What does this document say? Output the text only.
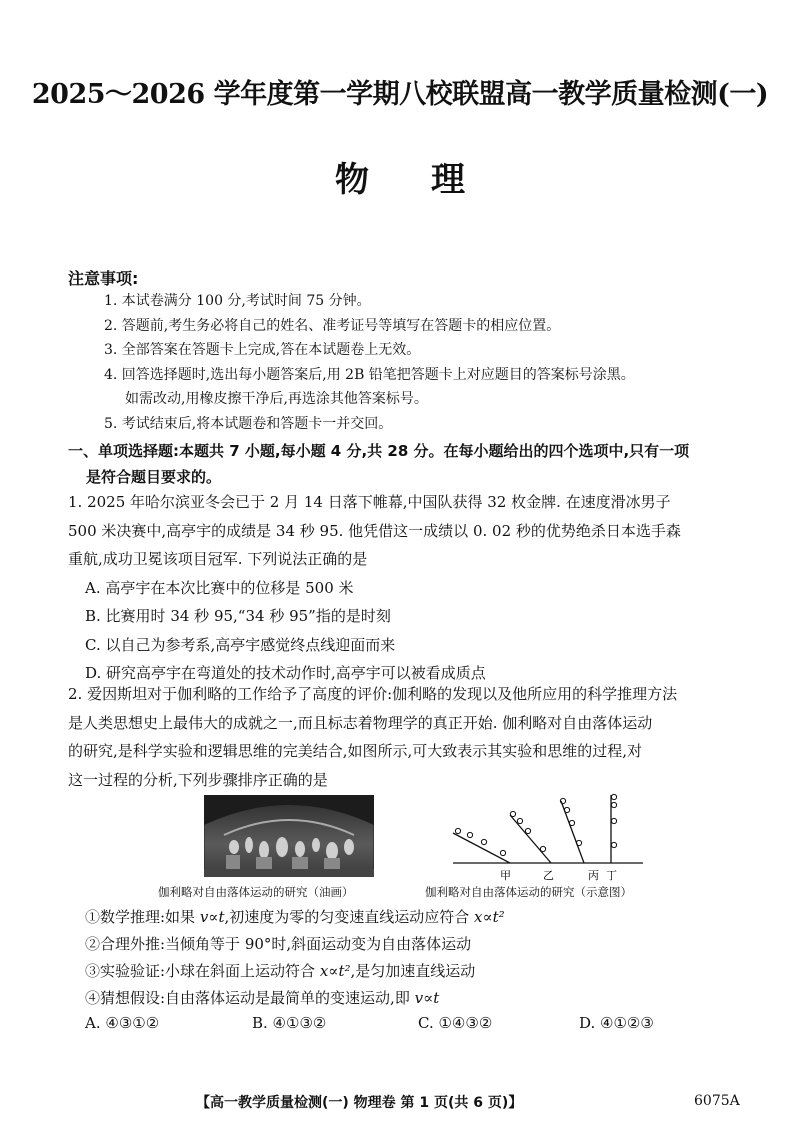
2025～2026 学年度第一学期八校联盟高一教学质量检测(一)
物理
注意事项:
1. 本试卷满分 100 分,考试时间 75 分钟。
2. 答题前,考生务必将自己的姓名、准考证号等填写在答题卡的相应位置。
3. 全部答案在答题卡上完成,答在本试题卷上无效。
4. 回答选择题时,选出每小题答案后,用 2B 铅笔把答题卡上对应题目的答案标号涂黑。
如需改动,用橡皮擦干净后,再选涂其他答案标号。
5. 考试结束后,将本试题卷和答题卡一并交回。
一、单项选择题:本题共 7 小题,每小题 4 分,共 28 分。在每小题给出的四个选项中,只有一项
是符合题目要求的。
1. 2025 年哈尔滨亚冬会已于 2 月 14 日落下帷幕,中国队获得 32 枚金牌. 在速度滑冰男子
500 米决赛中,高亭宇的成绩是 34 秒 95. 他凭借这一成绩以 0. 02 秒的优势绝杀日本选手森
重航,成功卫冕该项目冠军. 下列说法正确的是
A. 高亭宇在本次比赛中的位移是 500 米
B. 比赛用时 34 秒 95,“34 秒 95”指的是时刻
C. 以自己为参考系,高亭宇感觉终点线迎面而来
D. 研究高亭宇在弯道处的技术动作时,高亭宇可以被看成质点
2. 爱因斯坦对于伽利略的工作给予了高度的评价:伽利略的发现以及他所应用的科学推理方法
是人类思想史上最伟大的成就之一,而且标志着物理学的真正开始. 伽利略对自由落体运动
的研究,是科学实验和逻辑思维的完美结合,如图所示,可大致表示其实验和思维的过程,对
这一过程的分析,下列步骤排序正确的是
甲	乙	丙 丁
伽利略对自由落体运动的研究（油画）	伽利略对自由落体运动的研究（示意图）
①数学推理:如果 v∝t,初速度为零的匀变速直线运动应符合 x∝t²
②合理外推:当倾角等于 90°时,斜面运动变为自由落体运动
③实验验证:小球在斜面上运动符合 x∝t²,是匀加速直线运动
④猜想假设:自由落体运动是最简单的变速运动,即 v∝t
A. ④③①②	B. ④①③②	C. ①④③②	D. ④①②③
【高一教学质量检测(一) 物理卷 第 1 页(共 6 页)】	6075A
